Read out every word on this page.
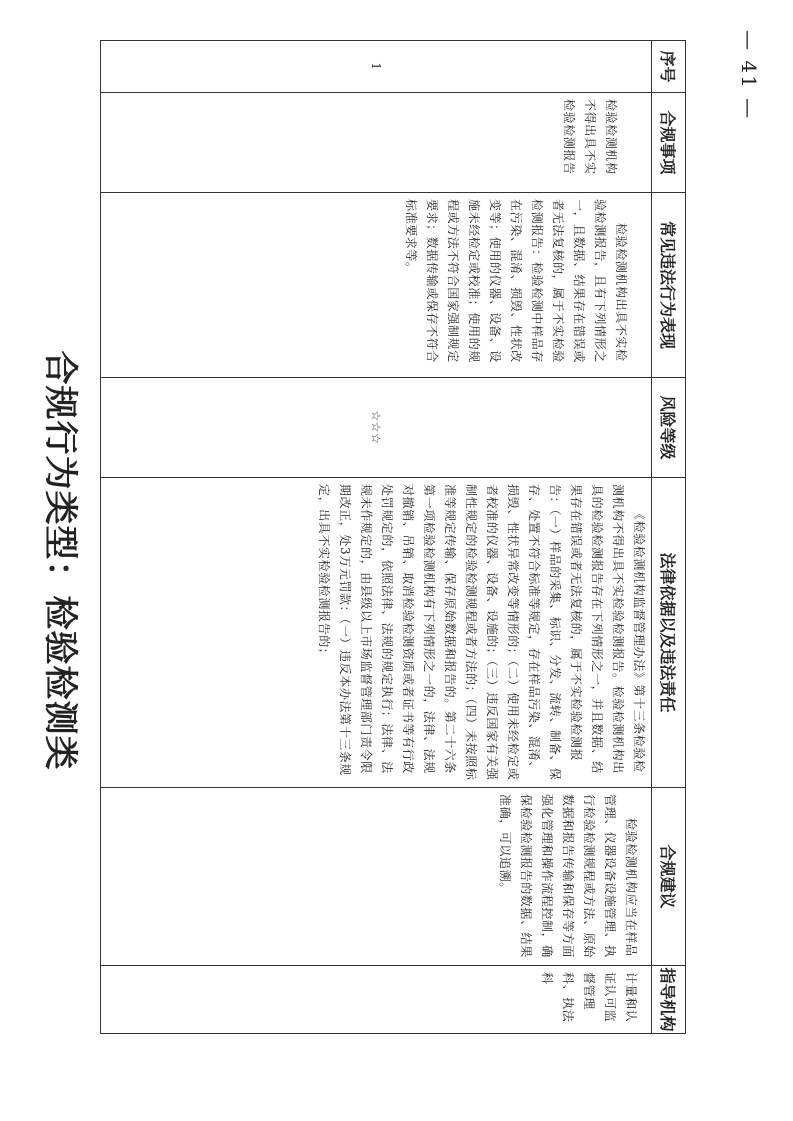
— 41 —
序号	合规事项	常见违法行为表现	风险等级	法律依据以及违法责任	合规建议	指导机构
1	检验检测机构不得出具不实检验检测报告	检验检测机构出具不实检验检测报告，且有下列情形之一，且数据、结果存在错误或者无法复核的，属于不实检验检测报告：检验检测中样品存在污染、混淆、损毁、性状改变等；使用的仪器、设备、设施未经检定或校准；使用的规程或方法不符合国家强制规定要求；数据传输或保存不符合标准要求等。	☆☆☆	《检验检测机构监督管理办法》第十三条检验检测机构不得出具不实检验检测报告。检验检测机构出具的检验检测报告存在下列情形之一，并且数据、结果存在错误或者无法复核的，属于不实检验检测报告：（一）样品的采集、标识、分发、流转、制备、保存、处置不符合标准等规定，存在样品污染、混淆、损毁、性状异常改变等情形的；（二）使用未经检定或者校准的仪器、设备、设施的；（三）违反国家有关强制性规定的检验检测规程或者方法的；（四）未按照标准等规定传输、保存原始数据和报告的。第二十六条第一项检验检测机构有下列情形之一的，法律、法规对撤销、吊销、取消检验检测资质或者证书等有行政处罚规定的，依照法律、法规的规定执行；法律、法规未作规定的，由县级以上市场监督管理部门责令限期改正，处3万元罚款：（一）违反本办法第十三条规定，出具不实检验检测报告的；	检验检测机构应当在样品管理、仪器设备设施管理、执行检验检测规程或方法、原始数据和报告传输和保存等方面强化管理和操作流程控制，确保检验检测报告的数据、结果准确，可以追溯。	计量和认证认可监督管理科、执法科
合规行为类型：检验检测类
